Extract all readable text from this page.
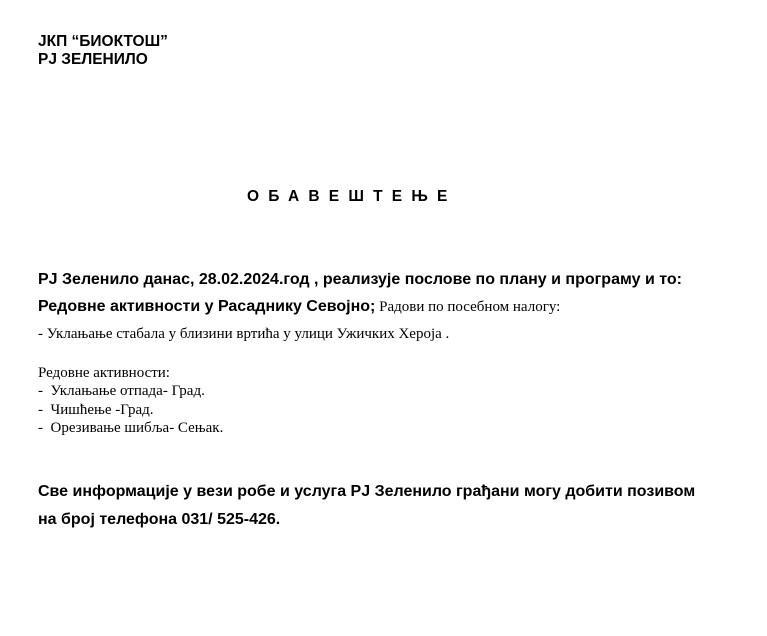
ЈКП “БИОКТОШ”
РЈ ЗЕЛЕНИЛО
ОБАВЕШТЕЊЕ
РЈ Зеленило данас, 28.02.2024.год , реализује послове по плану и програму и то:
Редовне активности у Расаднику Севојно; Радови по посебном налогу:
- Уклањање стабала у близини вртића у улици Ужичких Хероја .
Редовне активности:
-  Уклањање отпада- Град.
-  Чишћење -Град.
-  Орезивање шибља- Сењак.
Све информације у вези робе и услуга РЈ Зеленило грађани могу добити позивом
на број телефона 031/ 525-426.
